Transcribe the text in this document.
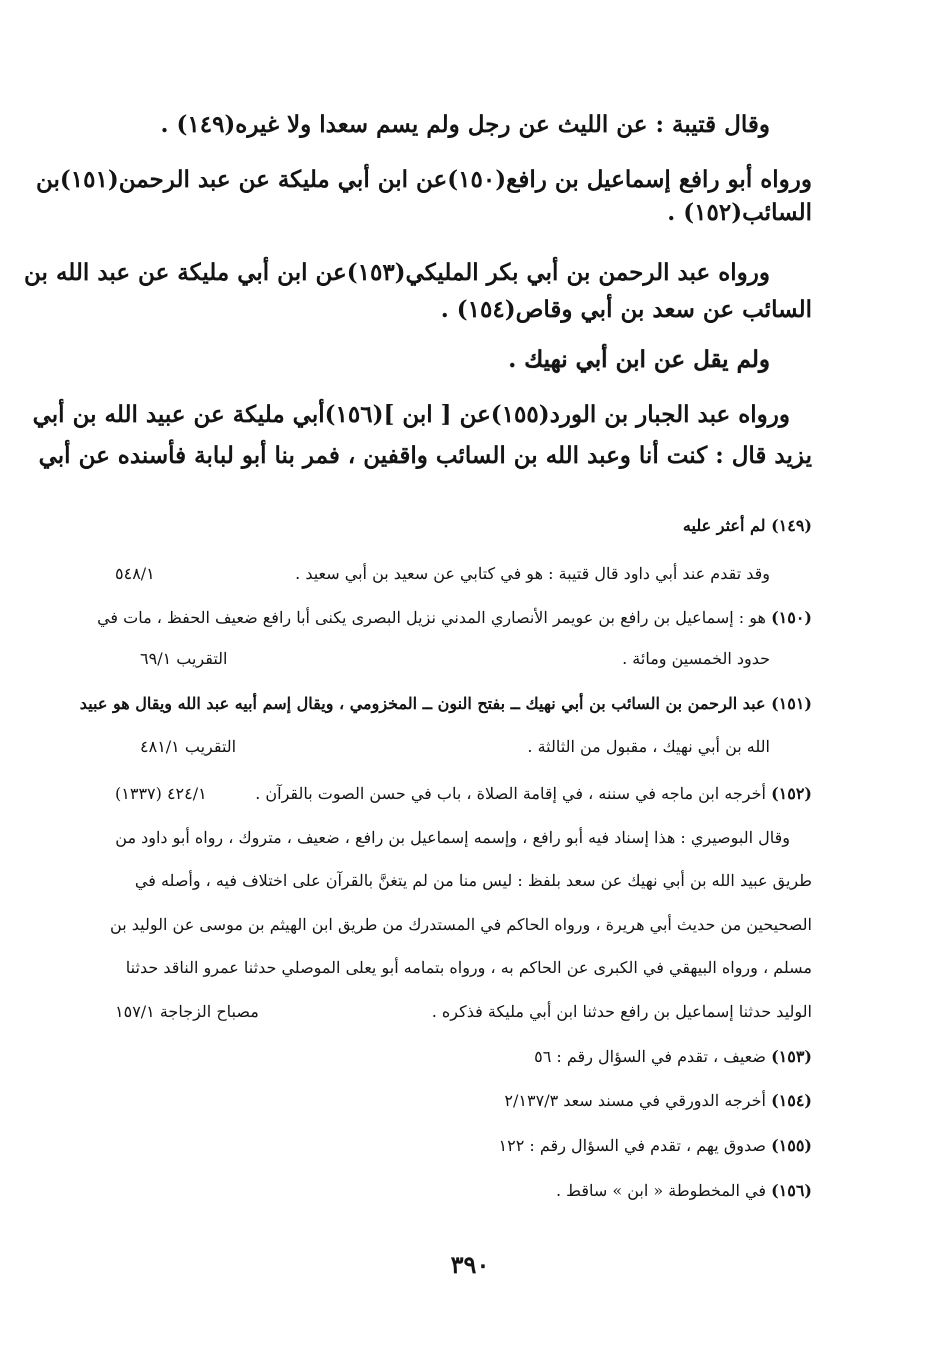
وقال قتيبة : عن الليث عن رجل ولم يسم سعدا ولا غيره(١٤٩) .

ورواه أبو رافع إسماعيل بن رافع(١٥٠)عن ابن أبي مليكة عن عبد الرحمن(١٥١)بن

السائب(١٥٢) .

ورواه عبد الرحمن بن أبي بكر المليكي(١٥٣)عن ابن أبي مليكة عن عبد الله بن

السائب عن سعد بن أبي وقاص(١٥٤) .

ولم يقل عن ابن أبي نهيك .

ورواه عبد الجبار بن الورد(١٥٥)عن [ ابن ](١٥٦)أبي مليكة عن عبيد الله بن أبي

يزيد قال : كنت أنا وعبد الله بن السائب واقفين ، فمر بنا أبو لبابة فأسنده عن أبي

(١٤٩) لم أعثر عليه
وقد تقدم عند أبي داود قال قتيبة : هو في كتابي عن سعيد بن أبي سعيد .
٥٤٨/١
(١٥٠) هو : إسماعيل بن رافع بن عويمر الأنصاري المدني نزيل البصرى يكنى أبا رافع ضعيف الحفظ ، مات في
حدود الخمسين ومائة .
التقريب ٦٩/١
(١٥١) عبد الرحمن بن السائب بن أبي نهيك ــ بفتح النون ــ المخزومي ، ويقال إسم أبيه عبد الله ويقال هو عبيد
الله بن أبي نهيك ، مقبول من الثالثة .
التقريب ٤٨١/١
(١٥٢) أخرجه ابن ماجه في سننه ، في إقامة الصلاة ، باب في حسن الصوت بالقرآن .
٤٢٤/١ (١٣٣٧)

وقال البوصيري : هذا إسناد فيه أبو رافع ، وإسمه إسماعيل بن رافع ، ضعيف ، متروك ، رواه أبو داود من

طريق عبيد الله بن أبي نهيك عن سعد بلفظ : ليس منا من لم يتغنَّ بالقرآن على اختلاف فيه ، وأصله في

الصحيحين من حديث أبي هريرة ، ورواه الحاكم في المستدرك من طريق ابن الهيثم بن موسى عن الوليد بن

مسلم ، ورواه البيهقي في الكبرى عن الحاكم به ، ورواه بتمامه أبو يعلى الموصلي حدثنا عمرو الناقد حدثنا

الوليد حدثنا إسماعيل بن رافع حدثنا ابن أبي مليكة فذكره .
مصباح الزجاجة ١٥٧/١
(١٥٣) ضعيف ، تقدم في السؤال رقم : ٥٦
(١٥٤) أخرجه الدورقي في مسند سعد ٢/١٣٧/٣
(١٥٥) صدوق يهم ، تقدم في السؤال رقم : ١٢٢
(١٥٦) في المخطوطة « ابن » ساقط .
٣٩٠
